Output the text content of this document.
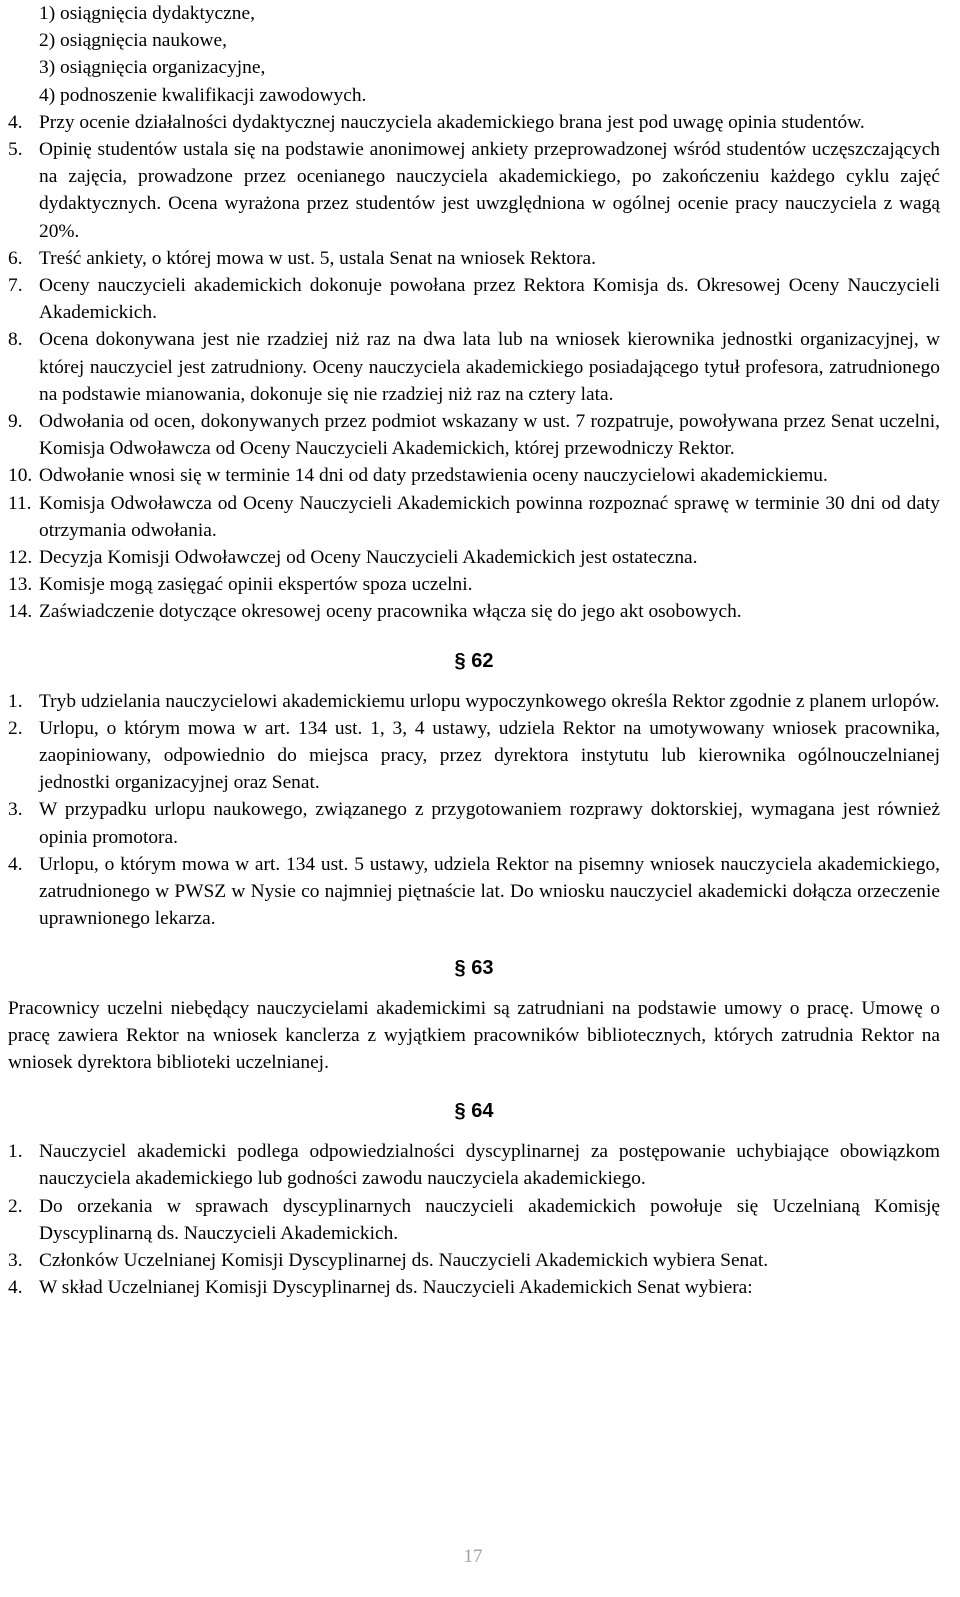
1) osiągnięcia dydaktyczne,
2) osiągnięcia naukowe,
3) osiągnięcia organizacyjne,
4) podnoszenie kwalifikacji zawodowych.
4. Przy ocenie działalności dydaktycznej nauczyciela akademickiego brana jest pod uwagę opinia studentów.
5. Opinię studentów ustala się na podstawie anonimowej ankiety przeprowadzonej wśród studentów uczęszczających na zajęcia, prowadzone przez ocenianego nauczyciela akademickiego, po zakończeniu każdego cyklu zajęć dydaktycznych. Ocena wyrażona przez studentów jest uwzględniona w ogólnej ocenie pracy nauczyciela z wagą 20%.
6. Treść ankiety, o której mowa w ust. 5, ustala Senat na wniosek Rektora.
7. Oceny nauczycieli akademickich dokonuje powołana przez Rektora Komisja ds. Okresowej Oceny Nauczycieli Akademickich.
8. Ocena dokonywana jest nie rzadziej niż raz na dwa lata lub na wniosek kierownika jednostki organizacyjnej, w której nauczyciel jest zatrudniony. Oceny nauczyciela akademickiego posiadającego tytuł profesora, zatrudnionego na podstawie mianowania, dokonuje się nie rzadziej niż raz na cztery lata.
9. Odwołania od ocen, dokonywanych przez podmiot wskazany w ust. 7 rozpatruje, powoływana przez Senat uczelni, Komisja Odwoławcza od Oceny Nauczycieli Akademickich, której przewodniczy Rektor.
10. Odwołanie wnosi się w terminie 14 dni od daty przedstawienia oceny nauczycielowi akademickiemu.
11. Komisja Odwoławcza od Oceny Nauczycieli Akademickich powinna rozpoznać sprawę w terminie 30 dni od daty otrzymania odwołania.
12. Decyzja Komisji Odwoławczej od Oceny Nauczycieli Akademickich jest ostateczna.
13. Komisje mogą zasięgać opinii ekspertów spoza uczelni.
14. Zaświadczenie dotyczące okresowej oceny pracownika włącza się do jego akt osobowych.
§ 62
1. Tryb udzielania nauczycielowi akademickiemu urlopu wypoczynkowego określa Rektor zgodnie z planem urlopów.
2. Urlopu, o którym mowa w art. 134 ust. 1, 3, 4 ustawy, udziela Rektor na umotywowany wniosek pracownika, zaopiniowany, odpowiednio do miejsca pracy, przez dyrektora instytutu lub kierownika ogólnouczelnianej jednostki organizacyjnej oraz Senat.
3. W przypadku urlopu naukowego, związanego z przygotowaniem rozprawy doktorskiej, wymagana jest również opinia promotora.
4. Urlopu, o którym mowa w art. 134 ust. 5 ustawy, udziela Rektor na pisemny wniosek nauczyciela akademickiego, zatrudnionego w PWSZ w Nysie co najmniej piętnaście lat. Do wniosku nauczyciel akademicki dołącza orzeczenie uprawnionego lekarza.
§ 63
Pracownicy uczelni niebędący nauczycielami akademickimi są zatrudniani na podstawie umowy o pracę. Umowę o pracę zawiera Rektor na wniosek kanclerza z wyjątkiem pracowników bibliotecznych, których zatrudnia Rektor na wniosek dyrektora biblioteki uczelnianej.
§ 64
1. Nauczyciel akademicki podlega odpowiedzialności dyscyplinarnej za postępowanie uchybiające obowiązkom nauczyciela akademickiego lub godności zawodu nauczyciela akademickiego.
2. Do orzekania w sprawach dyscyplinarnych nauczycieli akademickich powołuje się Uczelnianą Komisję Dyscyplinarną ds. Nauczycieli Akademickich.
3. Członków Uczelnianej Komisji Dyscyplinarnej ds. Nauczycieli Akademickich wybiera Senat.
4. W skład Uczelnianej Komisji Dyscyplinarnej ds. Nauczycieli Akademickich Senat wybiera:
17
